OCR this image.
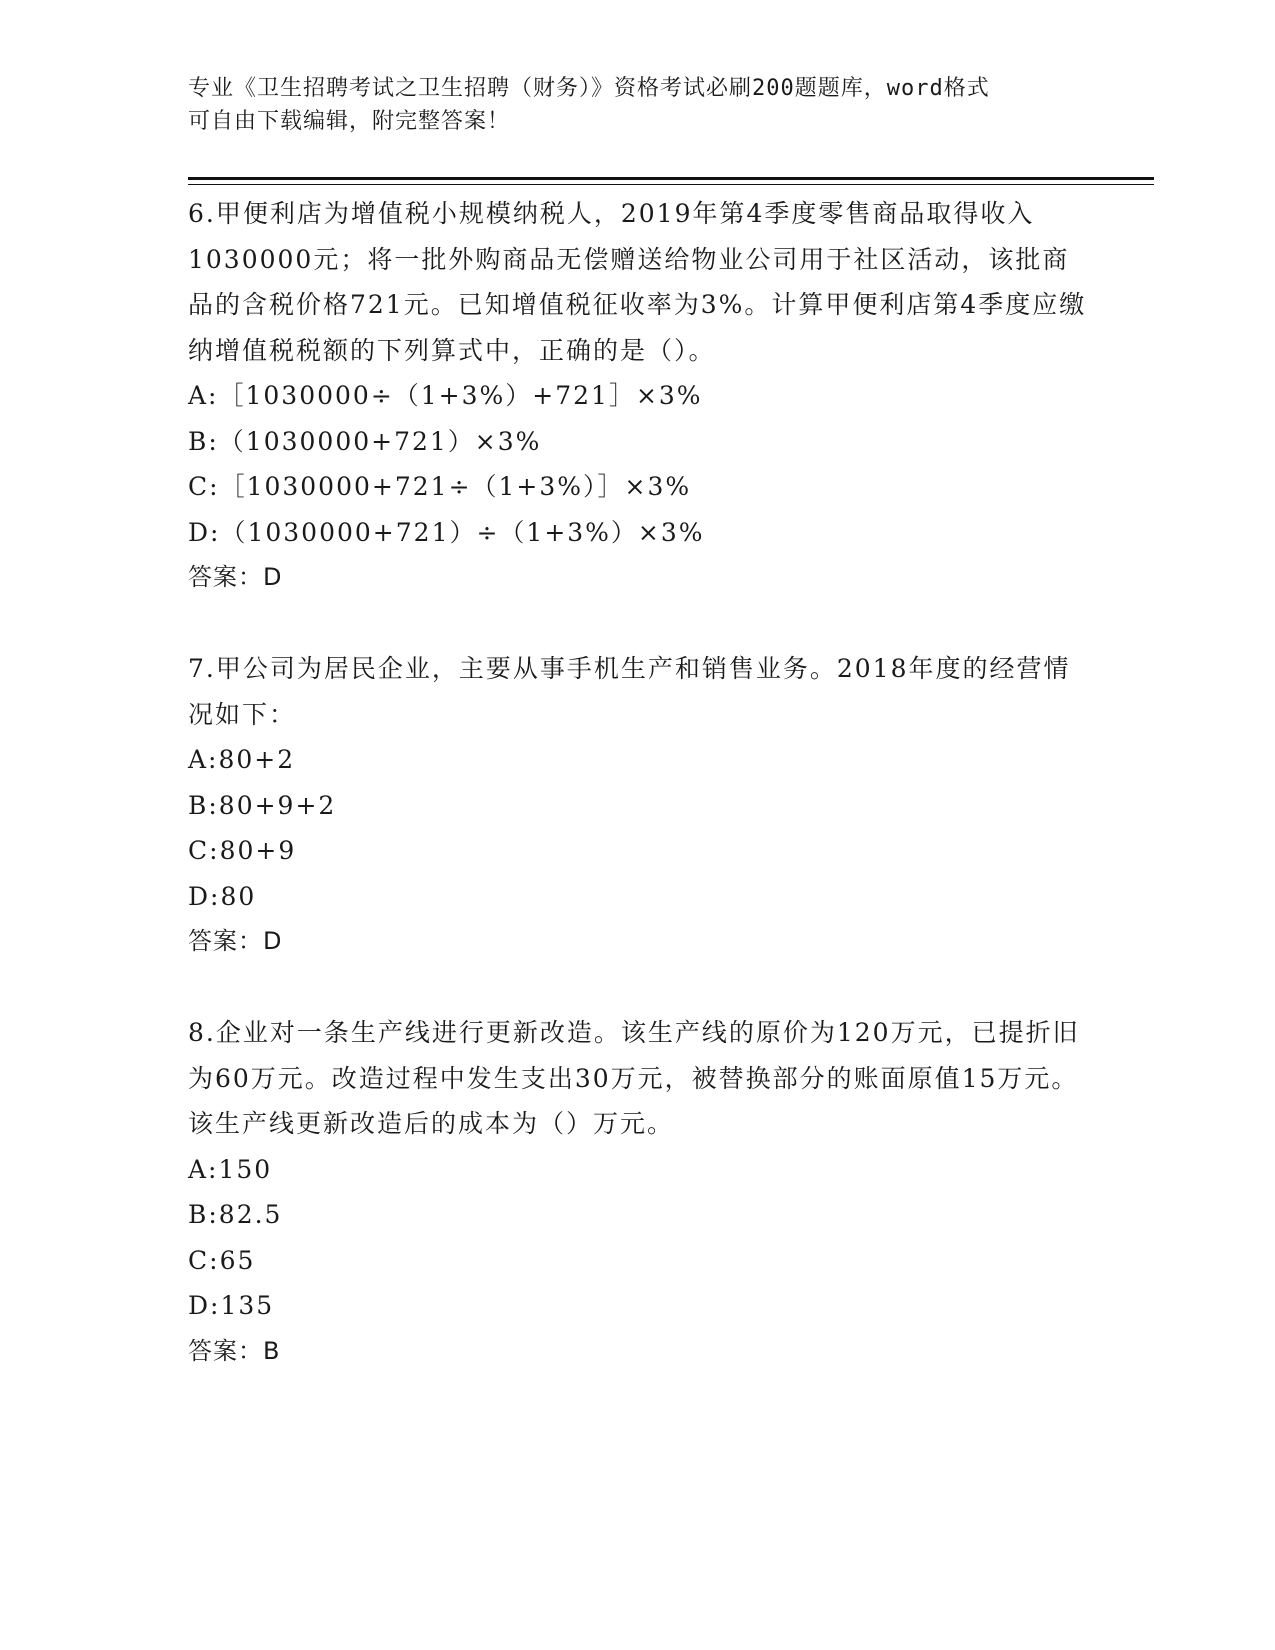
专业《卫生招聘考试之卫生招聘（财务）》资格考试必刷200题题库，word格式
可自由下载编辑，附完整答案！

6.甲便利店为增值税小规模纳税人，2019年第4季度零售商品取得收入1030000元；将一批外购商品无偿赠送给物业公司用于社区活动，该批商品的含税价格721元。已知增值税征收率为3%。计算甲便利店第4季度应缴纳增值税税额的下列算式中，正确的是（）。

A: ［1030000÷（1+3%）+721］×3%
B: （1030000+721）×3%
C: ［1030000+721÷（1+3%）］×3%
D: （1030000+721）÷（1+3%）×3%

答案：D

7.甲公司为居民企业，主要从事手机生产和销售业务。2018年度的经营情况如下：

A: 80+2
B: 80+9+2
C: 80+9
D: 80

答案：D

8.企业对一条生产线进行更新改造。该生产线的原价为120万元，已提折旧为60万元。改造过程中发生支出30万元，被替换部分的账面原值15万元。该生产线更新改造后的成本为（）万元。

A: 150
B: 82.5
C: 65
D: 135

答案：B
